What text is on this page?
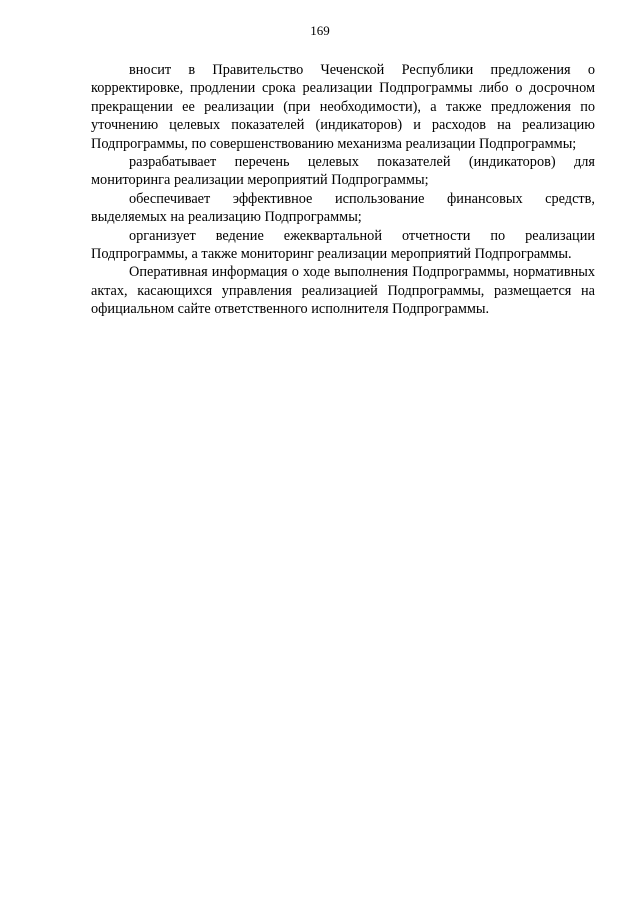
169

вносит в Правительство Чеченской Республики предложения о корректировке, продлении срока реализации Подпрограммы либо о досрочном прекращении ее реализации (при необходимости), а также предложения по уточнению целевых показателей (индикаторов) и расходов на реализацию Подпрограммы, по совершенствованию механизма реализации Подпрограммы;

разрабатывает перечень целевых показателей (индикаторов) для мониторинга реализации мероприятий Подпрограммы;

обеспечивает эффективное использование финансовых средств, выделяемых на реализацию Подпрограммы;

организует ведение ежеквартальной отчетности по реализации Подпрограммы, а также мониторинг реализации мероприятий Подпрограммы.

Оперативная информация о ходе выполнения Подпрограммы, нормативных актах, касающихся управления реализацией Подпрограммы, размещается на официальном сайте ответственного исполнителя Подпрограммы.
